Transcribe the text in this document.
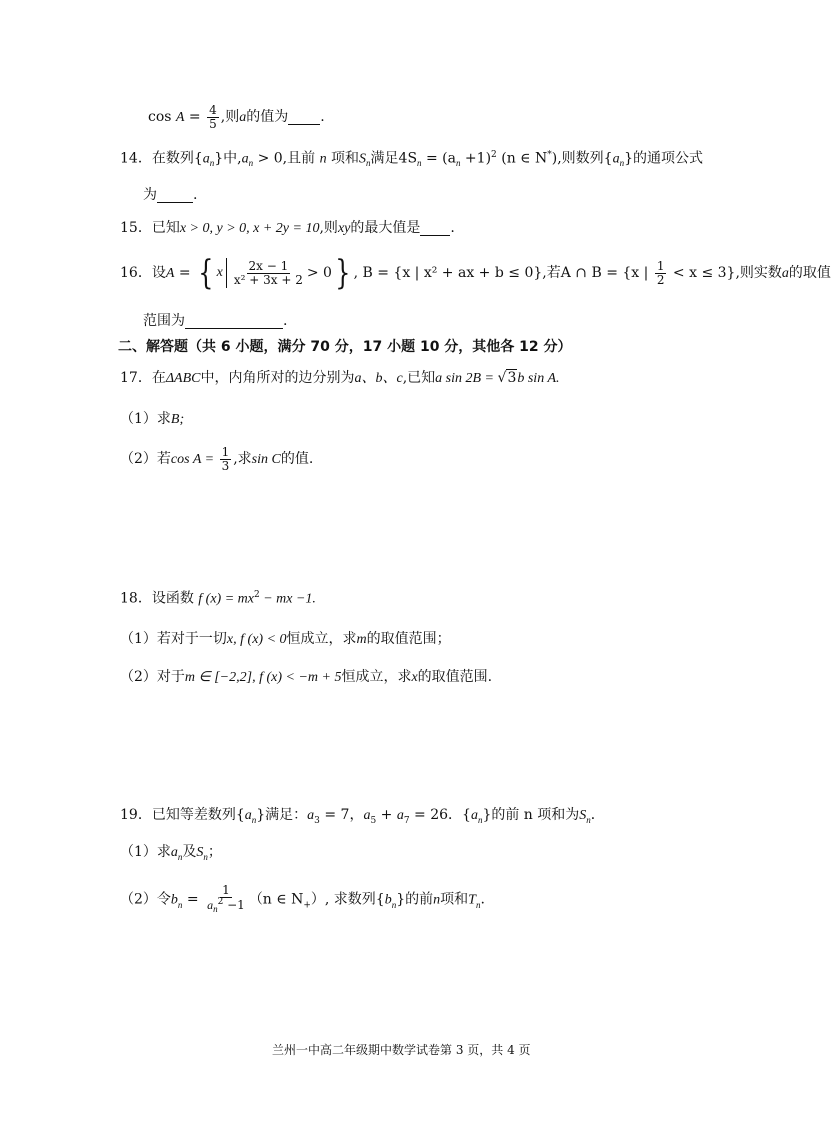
$\cos A = \frac{4}{5}$ ,则a的值为 .
14．在数列$\{a_n\}$中$,a_n > 0$,且前 n 项和$S_n$满足$4S_n = (a_n +1)^2$ (n ∈ N*),则数列$\{a_n\}$的通项公式
为	.
15．已知x > 0, y > 0, x + 2y = 10,则xy的最大值是 .
16．设A = { x $\frac{2x - 1}{\text{x² + 3x + 2}} > 0$ } , B = {x | x² + ax + b ≤ 0},若A ∩ B = {x | $\frac{1}{2} < x \le 3$},则实数a的取值
范围为	.
二、解答题（共 6 小题，满分 70 分，17 小题 10 分，其他各 12 分）
17．在ΔABC中，内角所对的边分别为a、b、c,已知a sin 2B = √3b sin A.
（1）求B;
（2）若$\cos A = \frac{1}{3}$ ,求sin C的值.
18．设函数 f $(x) = mx^2$ − mx −1.
（1）若对于一切x, f (x) < 0恒成立，求m的取值范围；
（2）对于m ∈ [−2,2], f (x) < −m + 5恒成立，求x的取值范围.
19．已知等差数列$\{a_n\}$满足：$a_3 = 7$，$a_5 + a_7 = 26$．$\{a_n\}$的前 n 项和为$S_n$．
（1）求$a_n$及$S_n$；
（2）令$b_n = \frac{1}{a_n^2 -1} (n$ ∈ $N_+$）, 求数列$\{b_n\}$的前n项和$T_n$.
兰州一中高二年级期中数学试卷第 3 页，共 4 页
